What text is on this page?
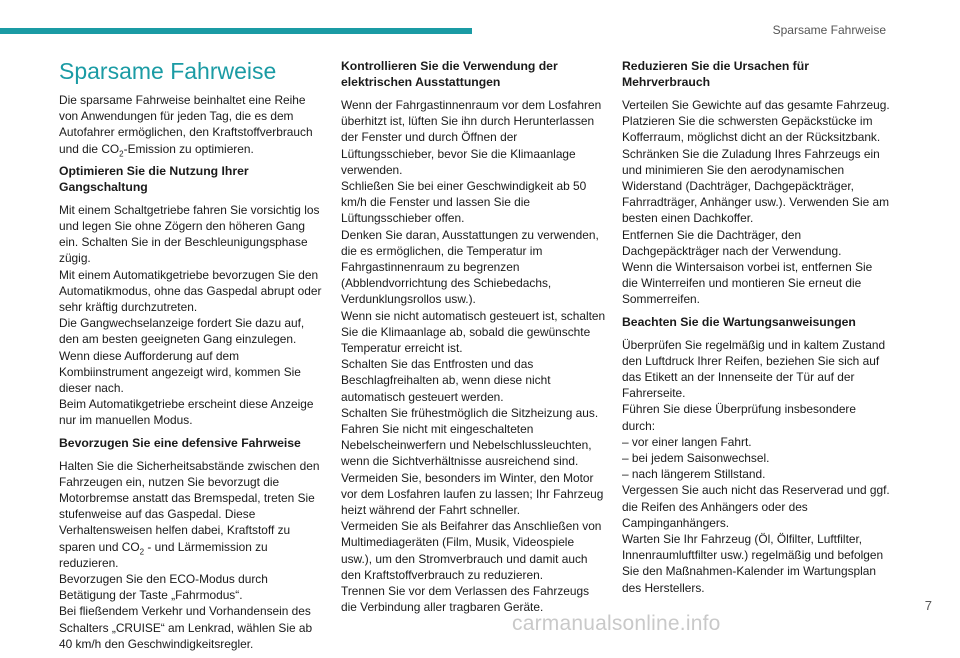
Sparsame Fahrweise
Sparsame Fahrweise

Die sparsame Fahrweise beinhaltet eine Reihe von Anwendungen für jeden Tag, die es dem Autofahrer ermöglichen, den Kraftstoffverbrauch und die $CO_2$-Emission zu optimieren.

Optimieren Sie die Nutzung Ihrer Gangschaltung

Mit einem Schaltgetriebe fahren Sie vorsichtig los und legen Sie ohne Zögern den höheren Gang ein. Schalten Sie in der Beschleunigungsphase zügig.
Mit einem Automatikgetriebe bevorzugen Sie den Automatikmodus, ohne das Gaspedal abrupt oder sehr kräftig durchzutreten.
Die Gangwechselanzeige fordert Sie dazu auf, den am besten geeigneten Gang einzulegen. Wenn diese Aufforderung auf dem Kombiinstrument angezeigt wird, kommen Sie dieser nach.
Beim Automatikgetriebe erscheint diese Anzeige nur im manuellen Modus.

Bevorzugen Sie eine defensive Fahrweise

Halten Sie die Sicherheitsabstände zwischen den Fahrzeugen ein, nutzen Sie bevorzugt die Motorbremse anstatt das Bremspedal, treten Sie stufenweise auf das Gaspedal. Diese Verhaltensweisen helfen dabei, Kraftstoff zu sparen und $CO_2$ - und Lärmemission zu reduzieren.
Bevorzugen Sie den ECO-Modus durch Betätigung der Taste „Fahrmodus“.
Bei fließendem Verkehr und Vorhandensein des Schalters „CRUISE“ am Lenkrad, wählen Sie ab 40 km/h den Geschwindigkeitsregler.

Kontrollieren Sie die Verwendung der elektrischen Ausstattungen

Wenn der Fahrgastinnenraum vor dem Losfahren überhitzt ist, lüften Sie ihn durch Herunterlassen der Fenster und durch Öffnen der Lüftungsschieber, bevor Sie die Klimaanlage verwenden.
Schließen Sie bei einer Geschwindigkeit ab 50 km/h die Fenster und lassen Sie die Lüftungsschieber offen.
Denken Sie daran, Ausstattungen zu verwenden, die es ermöglichen, die Temperatur im Fahrgastinnenraum zu begrenzen (Abblendvorrichtung des Schiebedachs, Verdunklungsrollos usw.).
Wenn sie nicht automatisch gesteuert ist, schalten Sie die Klimaanlage ab, sobald die gewünschte Temperatur erreicht ist.
Schalten Sie das Entfrosten und das Beschlagfreihalten ab, wenn diese nicht automatisch gesteuert werden.
Schalten Sie frühestmöglich die Sitzheizung aus.
Fahren Sie nicht mit eingeschalteten Nebelscheinwerfern und Nebelschlussleuchten, wenn die Sichtverhältnisse ausreichend sind.
Vermeiden Sie, besonders im Winter, den Motor vor dem Losfahren laufen zu lassen; Ihr Fahrzeug heizt während der Fahrt schneller.
Vermeiden Sie als Beifahrer das Anschließen von Multimediageräten (Film, Musik, Videospiele usw.), um den Stromverbrauch und damit auch den Kraftstoffverbrauch zu reduzieren.
Trennen Sie vor dem Verlassen des Fahrzeugs die Verbindung aller tragbaren Geräte.

Reduzieren Sie die Ursachen für Mehrverbrauch

Verteilen Sie Gewichte auf das gesamte Fahrzeug. Platzieren Sie die schwersten Gepäckstücke im Kofferraum, möglichst dicht an der Rücksitzbank.
Schränken Sie die Zuladung Ihres Fahrzeugs ein und minimieren Sie den aerodynamischen Widerstand (Dachträger, Dachgepäckträger, Fahrradträger, Anhänger usw.). Verwenden Sie am besten einen Dachkoffer.
Entfernen Sie die Dachträger, den Dachgepäckträger nach der Verwendung.
Wenn die Wintersaison vorbei ist, entfernen Sie die Winterreifen und montieren Sie erneut die Sommerreifen.

Beachten Sie die Wartungsanweisungen

Überprüfen Sie regelmäßig und in kaltem Zustand den Luftdruck Ihrer Reifen, beziehen Sie sich auf das Etikett an der Innenseite der Tür auf der Fahrerseite.
Führen Sie diese Überprüfung insbesondere durch:
– vor einer langen Fahrt.
– bei jedem Saisonwechsel.
– nach längerem Stillstand.
Vergessen Sie auch nicht das Reserverad und ggf. die Reifen des Anhängers oder des Campinganhängers.
Warten Sie Ihr Fahrzeug (Öl, Ölfilter, Luftfilter, Innenraumluftfilter usw.) regelmäßig und befolgen Sie den Maßnahmen-Kalender im Wartungsplan des Herstellers.

7
carmanualsonline.info
